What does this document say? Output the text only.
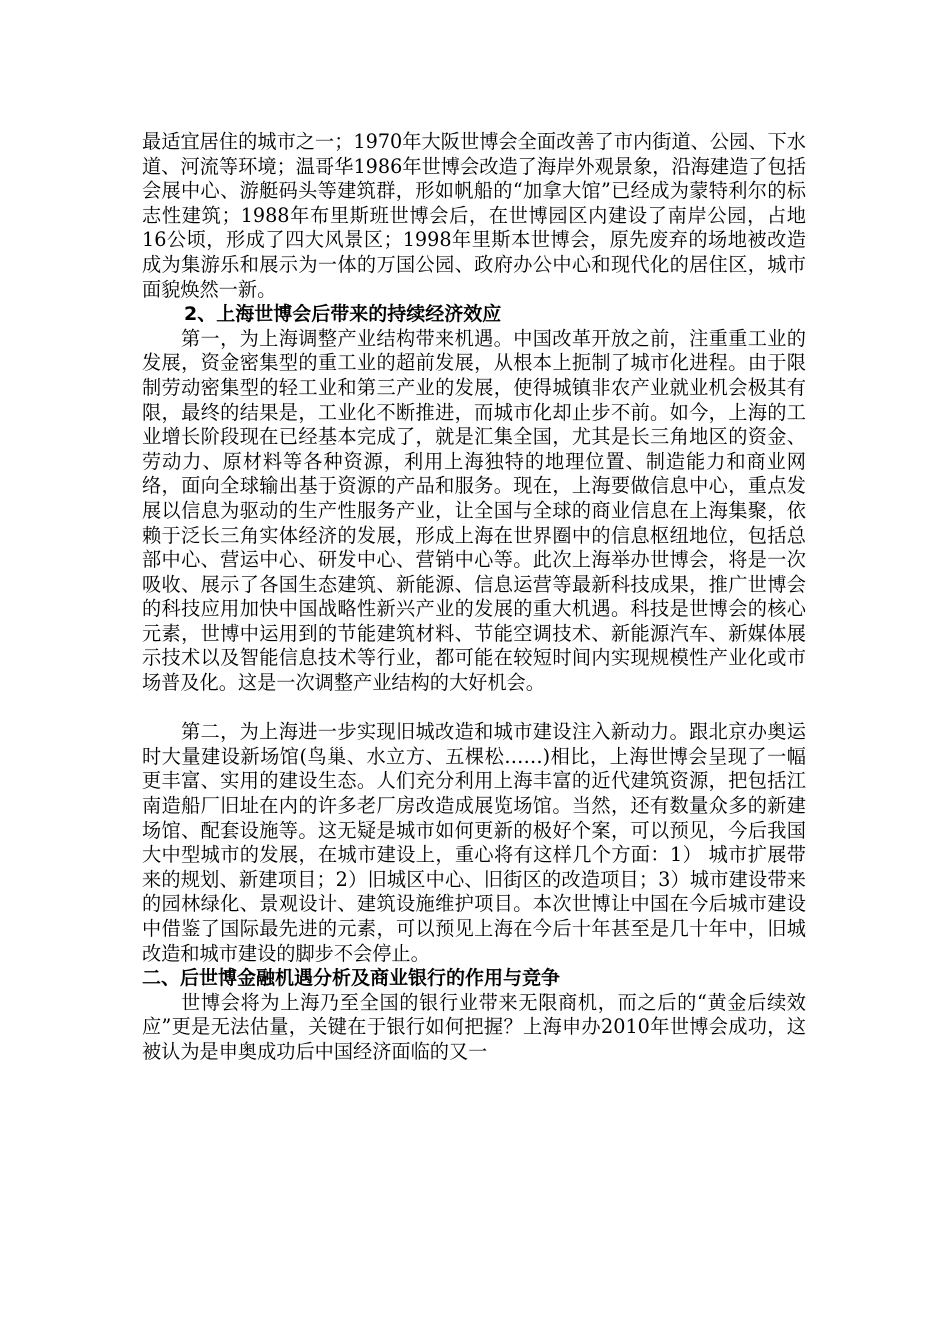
最适宜居住的城市之一；1970年大阪世博会全面改善了市内街道、公园、下水道、河流等环境；温哥华1986年世博会改造了海岸外观景象，沿海建造了包括会展中心、游艇码头等建筑群，形如帆船的“加拿大馆”已经成为蒙特利尔的标志性建筑；1988年布里斯班世博会后，在世博园区内建设了南岸公园，占地16公顷，形成了四大风景区；1998年里斯本世博会，原先废弃的场地被改造成为集游乐和展示为一体的万国公园、政府办公中心和现代化的居住区，城市面貌焕然一新。

2、上海世博会后带来的持续经济效应

第一，为上海调整产业结构带来机遇。中国改革开放之前，注重重工业的发展，资金密集型的重工业的超前发展，从根本上扼制了城市化进程。由于限制劳动密集型的轻工业和第三产业的发展，使得城镇非农产业就业机会极其有限，最终的结果是，工业化不断推进，而城市化却止步不前。如今，上海的工业增长阶段现在已经基本完成了，就是汇集全国，尤其是长三角地区的资金、劳动力、原材料等各种资源，利用上海独特的地理位置、制造能力和商业网络，面向全球输出基于资源的产品和服务。现在，上海要做信息中心，重点发展以信息为驱动的生产性服务产业，让全国与全球的商业信息在上海集聚，依赖于泛长三角实体经济的发展，形成上海在世界圈中的信息枢纽地位，包括总部中心、营运中心、研发中心、营销中心等。此次上海举办世博会，将是一次吸收、展示了各国生态建筑、新能源、信息运营等最新科技成果，推广世博会的科技应用加快中国战略性新兴产业的发展的重大机遇。科技是世博会的核心元素，世博中运用到的节能建筑材料、节能空调技术、新能源汽车、新媒体展示技术以及智能信息技术等行业，都可能在较短时间内实现规模性产业化或市场普及化。这是一次调整产业结构的大好机会。

第二，为上海进一步实现旧城改造和城市建设注入新动力。跟北京办奥运时大量建设新场馆(鸟巢、水立方、五棵松……)相比，上海世博会呈现了一幅更丰富、实用的建设生态。人们充分利用上海丰富的近代建筑资源，把包括江南造船厂旧址在内的许多老厂房改造成展览场馆。当然，还有数量众多的新建场馆、配套设施等。这无疑是城市如何更新的极好个案，可以预见，今后我国大中型城市的发展，在城市建设上，重心将有这样几个方面：1） 城市扩展带来的规划、新建项目；2）旧城区中心、旧街区的改造项目；3）城市建设带来的园林绿化、景观设计、建筑设施维护项目。本次世博让中国在今后城市建设中借鉴了国际最先进的元素，可以预见上海在今后十年甚至是几十年中，旧城改造和城市建设的脚步不会停止。

二、后世博金融机遇分析及商业银行的作用与竞争

世博会将为上海乃至全国的银行业带来无限商机，而之后的“黄金后续效应”更是无法估量，关键在于银行如何把握？上海申办2010年世博会成功，这被认为是申奥成功后中国经济面临的又一
